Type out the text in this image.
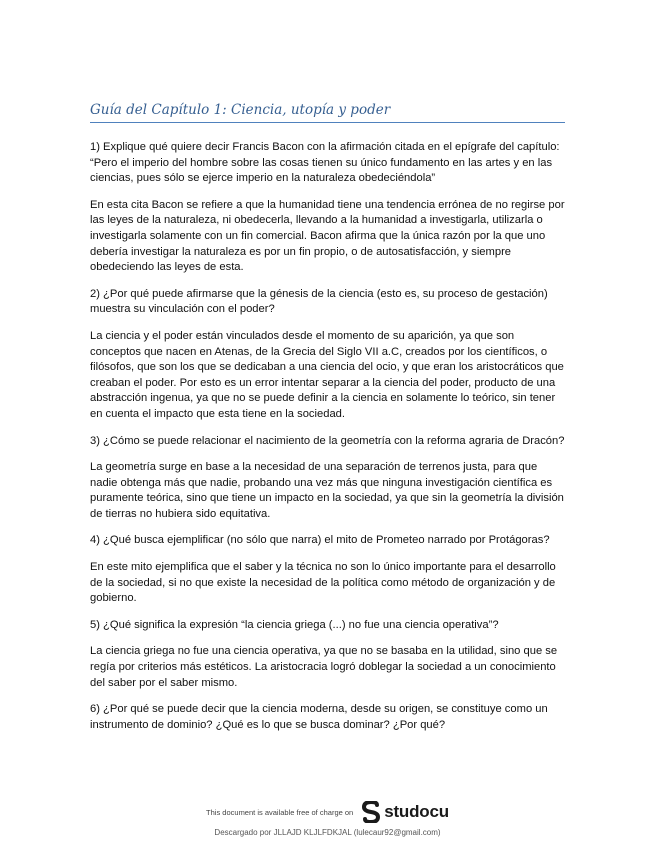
Guía del Capítulo 1: Ciencia, utopía y poder

1) Explique qué quiere decir Francis Bacon con la afirmación citada en el epígrafe del capítulo: “Pero el imperio del hombre sobre las cosas tienen su único fundamento en las artes y en las ciencias, pues sólo se ejerce imperio en la naturaleza obedeciéndola”

En esta cita Bacon se refiere a que la humanidad tiene una tendencia errónea de no regirse por las leyes de la naturaleza, ni obedecerla, llevando a la humanidad a investigarla, utilizarla o investigarla solamente con un fin comercial. Bacon afirma que la única razón por la que uno debería investigar la naturaleza es por un fin propio, o de autosatisfacción, y siempre obedeciendo las leyes de esta.

2) ¿Por qué puede afirmarse que la génesis de la ciencia (esto es, su proceso de gestación) muestra su vinculación con el poder?

La ciencia y el poder están vinculados desde el momento de su aparición, ya que son conceptos que nacen en Atenas, de la Grecia del Siglo VII a.C, creados por los científicos, o filósofos, que son los que se dedicaban a una ciencia del ocio, y que eran los aristocráticos que creaban el poder. Por esto es un error intentar separar a la ciencia del poder, producto de una abstracción ingenua, ya que no se puede definir a la ciencia en solamente lo teórico, sin tener en cuenta el impacto que esta tiene en la sociedad.

3) ¿Cómo se puede relacionar el nacimiento de la geometría con la reforma agraria de Dracón?

La geometría surge en base a la necesidad de una separación de terrenos justa, para que nadie obtenga más que nadie, probando una vez más que ninguna investigación científica es puramente teórica, sino que tiene un impacto en la sociedad, ya que sin la geometría la división de tierras no hubiera sido equitativa.

4) ¿Qué busca ejemplificar (no sólo que narra) el mito de Prometeo narrado por Protágoras?

En este mito ejemplifica que el saber y la técnica no son lo único importante para el desarrollo de la sociedad, si no que existe la necesidad de la política como método de organización y de gobierno.

5) ¿Qué significa la expresión “la ciencia griega (...) no fue una ciencia operativa”?

La ciencia griega no fue una ciencia operativa, ya que no se basaba en la utilidad, sino que se regía por criterios más estéticos. La aristocracia logró doblegar la sociedad a un conocimiento del saber por el saber mismo.

6) ¿Por qué se puede decir que la ciencia moderna, desde su origen, se constituye como un instrumento de dominio? ¿Qué es lo que se busca dominar? ¿Por qué?

This document is available free of charge on studocu
Descargado por JLLAJD KLJLFDKJAL (lulecaur92@gmail.com)
